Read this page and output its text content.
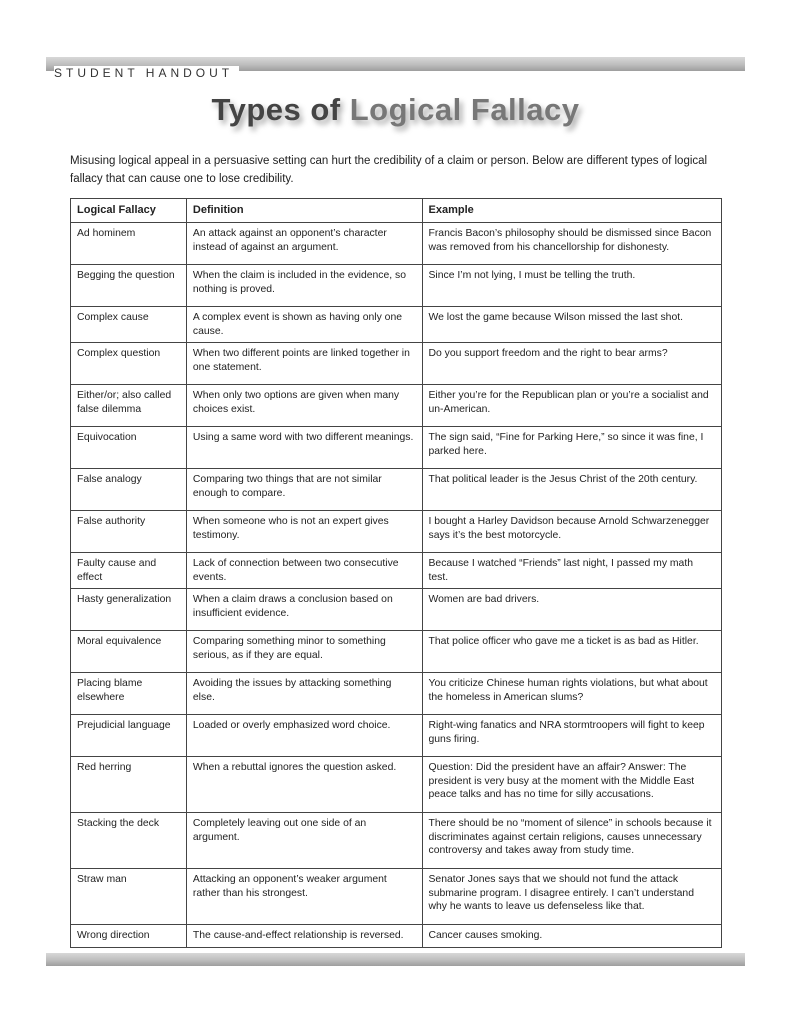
STUDENT HANDOUT
Types of Logical Fallacy
Misusing logical appeal in a persuasive setting can hurt the credibility of a claim or person. Below are different types of logical fallacy that can cause one to lose credibility.
Logical Fallacy	Definition	Example
Ad hominem	An attack against an opponent’s character instead of against an argument.	Francis Bacon’s philosophy should be dismissed since Bacon was removed from his chancellorship for dishonesty.
Begging the question	When the claim is included in the evidence, so nothing is proved.	Since I’m not lying, I must be telling the truth.
Complex cause	A complex event is shown as having only one cause.	We lost the game because Wilson missed the last shot.
Complex question	When two different points are linked together in one statement.	Do you support freedom and the right to bear arms?
Either/or; also called false dilemma	When only two options are given when many choices exist.	Either you’re for the Republican plan or you’re a socialist and un-American.
Equivocation	Using a same word with two different meanings.	The sign said, “Fine for Parking Here,” so since it was fine, I parked here.
False analogy	Comparing two things that are not similar enough to compare.	That political leader is the Jesus Christ of the 20th century.
False authority	When someone who is not an expert gives testimony.	I bought a Harley Davidson because Arnold Schwarzenegger says it’s the best motorcycle.
Faulty cause and effect	Lack of connection between two consecutive events.	Because I watched “Friends” last night, I passed my math test.
Hasty generalization	When a claim draws a conclusion based on insufficient evidence.	Women are bad drivers.
Moral equivalence	Comparing something minor to something serious, as if they are equal.	That police officer who gave me a ticket is as bad as Hitler.
Placing blame elsewhere	Avoiding the issues by attacking something else.	You criticize Chinese human rights violations, but what about the homeless in American slums?
Prejudicial language	Loaded or overly emphasized word choice.	Right-wing fanatics and NRA stormtroopers will fight to keep guns firing.
Red herring	When a rebuttal ignores the question asked.	Question: Did the president have an affair? Answer: The president is very busy at the moment with the Middle East peace talks and has no time for silly accusations.
Stacking the deck	Completely leaving out one side of an argument.	There should be no “moment of silence” in schools because it discriminates against certain religions, causes unnecessary controversy and takes away from study time.
Straw man	Attacking an opponent’s weaker argument rather than his strongest.	Senator Jones says that we should not fund the attack submarine program. I disagree entirely. I can’t understand why he wants to leave us defenseless like that.
Wrong direction	The cause-and-effect relationship is reversed.	Cancer causes smoking.
